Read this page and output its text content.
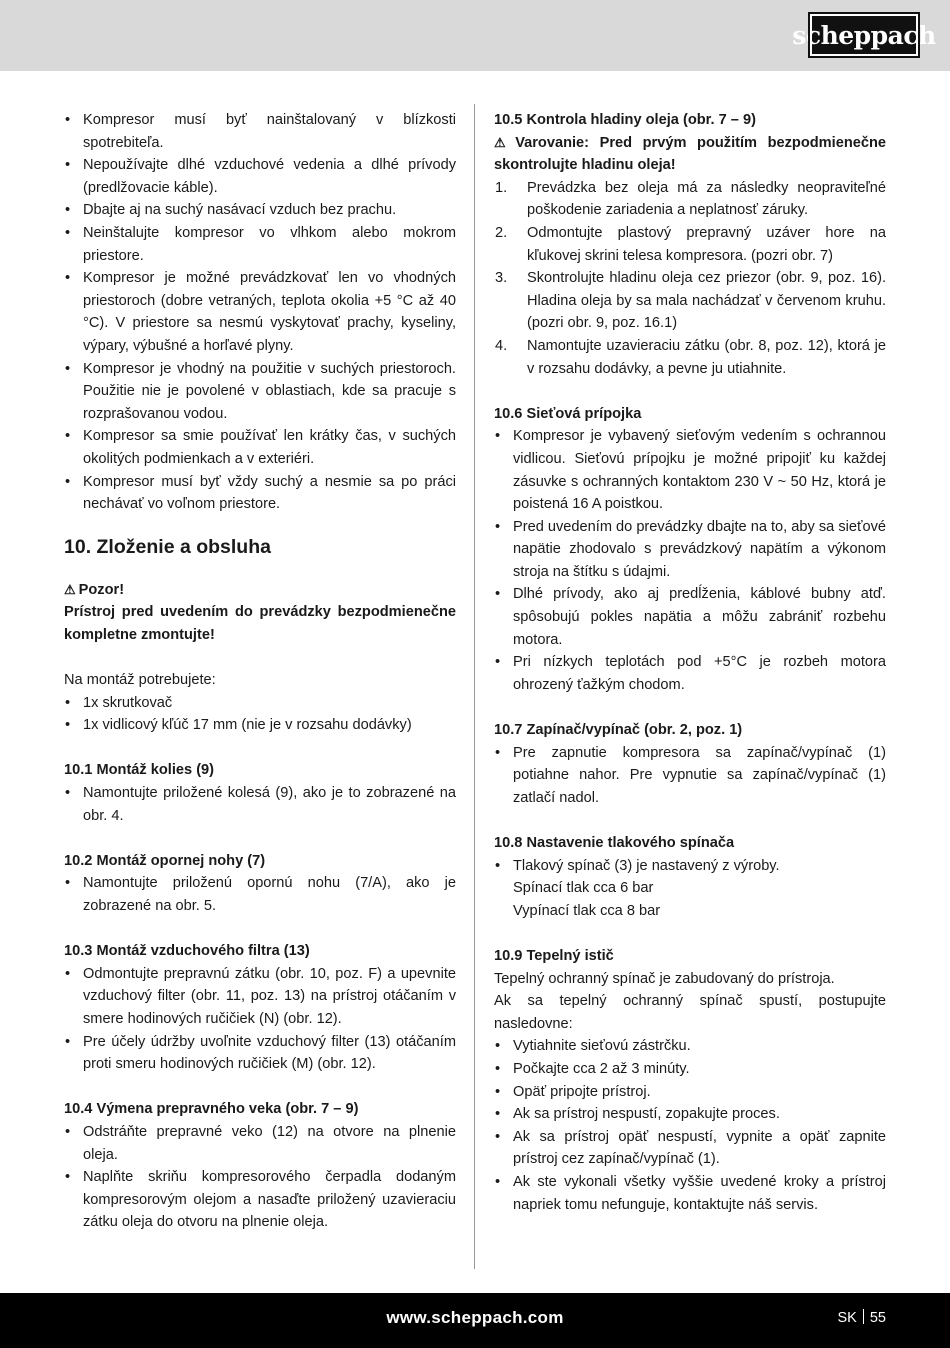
scheppach
• Kompresor musí byť nainštalovaný v blízkosti spotrebiteľa.
• Nepoužívajte dlhé vzduchové vedenia a dlhé prívody (predlžovacie káble).
• Dbajte aj na suchý nasávací vzduch bez prachu.
• Neinštalujte kompresor vo vlhkom alebo mokrom priestore.
• Kompresor je možné prevádzkovať len vo vhodných priestoroch (dobre vetraných, teplota okolia +5 °C až 40 °C). V priestore sa nesmú vyskytovať prachy, kyseliny, výpary, výbušné a horľavé plyny.
• Kompresor je vhodný na použitie v suchých priestoroch. Použitie nie je povolené v oblastiach, kde sa pracuje s rozprašovanou vodou.
• Kompresor sa smie používať len krátky čas, v suchých okolitých podmienkach a v exteriéri.
• Kompresor musí byť vždy suchý a nesmie sa po práci nechávať vo voľnom priestore.
10. Zloženie a obsluha

⚠ Pozor!

Prístroj pred uvedením do prevádzky bezpodmienečne kompletne zmontujte!

Na montáž potrebujete:

• 1x skrutkovač
• 1x vidlicový kľúč 17 mm (nie je v rozsahu dodávky)

10.1 Montáž kolies (9)

• Namontujte priložené kolesá (9), ako je to zobrazené na obr. 4.

10.2 Montáž opornej nohy (7)

• Namontujte priloženú opornú nohu (7/A), ako je zobrazené na obr. 5.

10.3 Montáž vzduchového filtra (13)

• Odmontujte prepravnú zátku (obr. 10, poz. F) a upevnite vzduchový filter (obr. 11, poz. 13) na prístroj otáčaním v smere hodinových ručičiek (N) (obr. 12).
• Pre účely údržby uvoľnite vzduchový filter (13) otáčaním proti smeru hodinových ručičiek (M) (obr. 12).

10.4 Výmena prepravného veka (obr. 7 – 9)

• Odstráňte prepravné veko (12) na otvore na plnenie oleja.
• Naplňte skriňu kompresorového čerpadla dodaným kompresorovým olejom a nasaďte priložený uzavieraciu zátku oleja do otvoru na plnenie oleja.

10.5 Kontrola hladiny oleja (obr. 7 – 9)

⚠ Varovanie: Pred prvým použitím bezpodmienečne skontrolujte hladinu oleja!

1. Prevádzka bez oleja má za následky neopraviteľné poškodenie zariadenia a neplatnosť záruky.
2. Odmontujte plastový prepravný uzáver hore na kľukovej skrini telesa kompresora. (pozri obr. 7)
3. Skontrolujte hladinu oleja cez priezor (obr. 9, poz. 16). Hladina oleja by sa mala nachádzať v červenom kruhu. (pozri obr. 9, poz. 16.1)
4. Namontujte uzavieraciu zátku (obr. 8, poz. 12), ktorá je v rozsahu dodávky, a pevne ju utiahnite.

10.6 Sieťová prípojka

• Kompresor je vybavený sieťovým vedením s ochrannou vidlicou. Sieťovú prípojku je možné pripojiť ku každej zásuvke s ochranných kontaktom 230 V ~ 50 Hz, ktorá je poistená 16 A poistkou.
• Pred uvedením do prevádzky dbajte na to, aby sa sieťové napätie zhodovalo s prevádzkový napätím a výkonom stroja na štítku s údajmi.
• Dlhé prívody, ako aj predĺženia, káblové bubny atď. spôsobujú pokles napätia a môžu zabrániť rozbehu motora.
• Pri nízkych teplotách pod +5°C je rozbeh motora ohrozený ťažkým chodom.

10.7 Zapínač/vypínač (obr. 2, poz. 1)

• Pre zapnutie kompresora sa zapínač/vypínač (1) potiahne nahor. Pre vypnutie sa zapínač/vypínač (1) zatlačí nadol.

10.8 Nastavenie tlakového spínača

• Tlakový spínač (3) je nastavený z výroby.
Spínací tlak cca 6 bar
Vypínací tlak cca 8 bar

10.9 Tepelný istič

Tepelný ochranný spínač je zabudovaný do prístroja.

Ak sa tepelný ochranný spínač spustí, postupujte nasledovne:

• Vytiahnite sieťovú zástrčku.
• Počkajte cca 2 až 3 minúty.
• Opäť pripojte prístroj.
• Ak sa prístroj nespustí, zopakujte proces.
• Ak sa prístroj opäť nespustí, vypnite a opäť zapnite prístroj cez zapínač/vypínač (1).
• Ak ste vykonali všetky vyššie uvedené kroky a prístroj napriek tomu nefunguje, kontaktujte náš servis.
www.scheppach.com	SK 55
